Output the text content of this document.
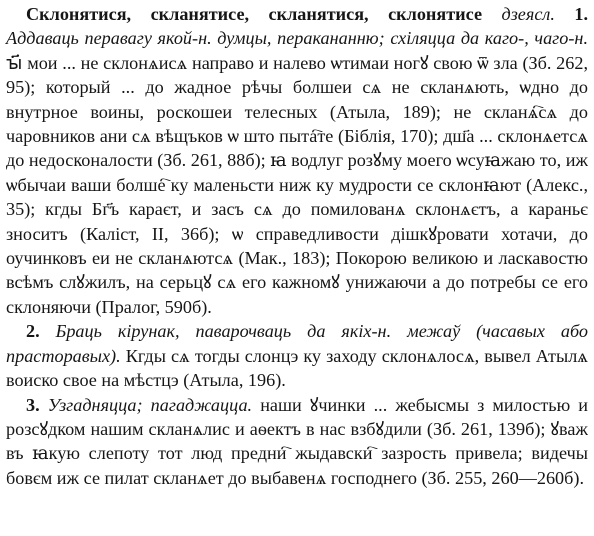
Склонятися, скланятисе, скланятися, склонятисе дзеясл. 1. Аддаваць перавагу якой-н. думцы, перакананню; схіляцца да каго-, чаго-н. ꙑ҃ мои ... не склонѧисѧ направо и налево ѡтимаи ногꙋ свою ѿ зла (Зб. 262, 95); который ... до жадное рѣчы болшеи сѧ не скланѧють, ѡдно до внутрное воины, роскошеи телесных (Атыла, 189); не скланѧ҇сѧ до чаровников ани сѧ вѣщъков ѡ што пыта҇те (Біблія, 170); дш҃а ... склонѧетсѧ до недосконалости (Зб. 261, 88б); ꙗ водлуг розꙋму моего ѡсуꙗжаю то, иж ѡбычаи ваши болше҇ ку маленьсти ниж ку мудрости се склонꙗют (Алекс., 35); кгды Бг҃ъ караєт, и засъ сѧ до помилованѧ склонѧєтъ, а караньє зноситъ (Каліст, II, 36б); ѡ справедливости дішкꙋровати хотачи, до оучинковъ еи не скланѧютсѧ (Мак., 183); Покорою великою и ласкавостю всѣмъ слꙋжилъ, на серьцꙋ сѧ его кажномꙋ унижаючи а до потребы се его склоняючи (Пралог, 590б).

2. Браць кірунак, паварочваць да якіх-н. межаў (часавых або прасторавых). Кгды сѧ тогды слонцэ ку заходу склонѧлосѧ, вывел Атылѧ воиско свое на мѣстцэ (Атыла, 196).

3. Узгадняцца; пагаджацца. наши ꙋчинки ... жебысмы з милостью и розсꙋдком нашим скланѧлис и аѳектъ в нас взбꙋдили (Зб. 261, 139б); ꙋваж въ ꙗкую слепоту тот люд предни҇ жыдавски҇ зазрость привела; видечы бовєм иж се пилат скланѧет до выбавенѧ господнего (Зб. 255, 260—260б).
